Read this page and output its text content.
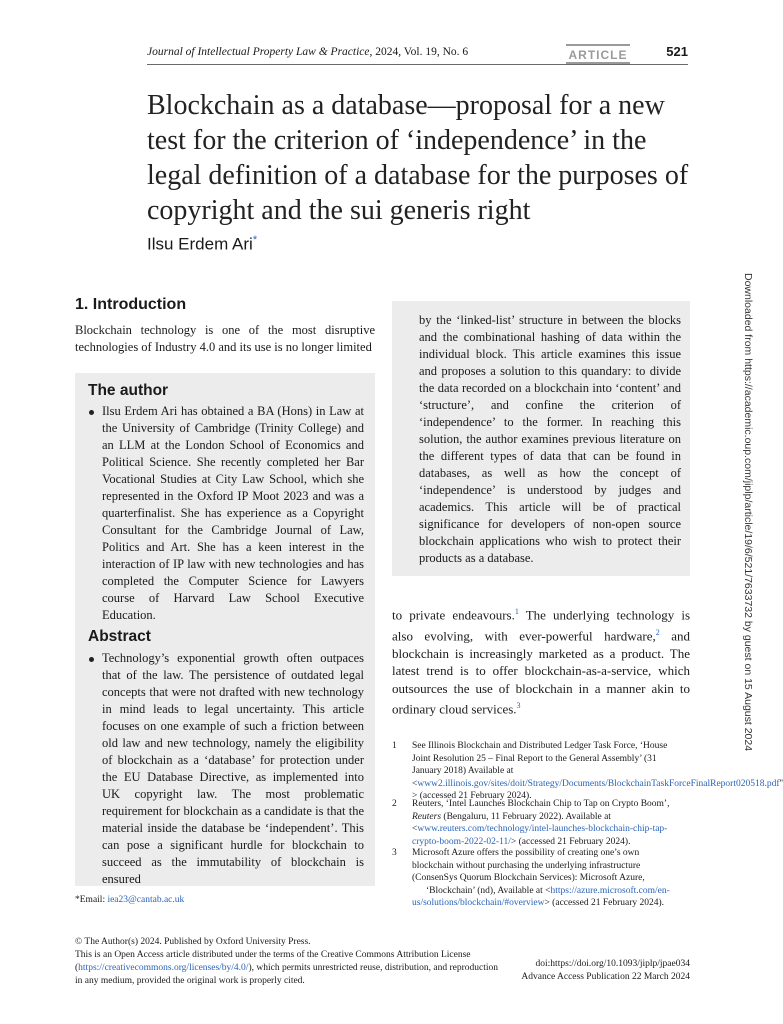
Journal of Intellectual Property Law & Practice, 2024, Vol. 19, No. 6	ARTICLE	521
Blockchain as a database—proposal for a new test for the criterion of ‘independence’ in the legal definition of a database for the purposes of copyright and the sui generis right
Ilsu Erdem Ari*
Downloaded from https://academic.oup.com/jiplp/article/19/6/521/7633732 by guest on 15 August 2024
1. Introduction
Blockchain technology is one of the most disruptive technologies of Industry 4.0 and its use is no longer limited
The author
Ilsu Erdem Ari has obtained a BA (Hons) in Law at the University of Cambridge (Trinity College) and an LLM at the London School of Economics and Political Science. She recently completed her Bar Vocational Studies at City Law School, which she represented in the Oxford IP Moot 2023 and was a quarterfinalist. She has experience as a Copyright Consultant for the Cambridge Journal of Law, Politics and Art. She has a keen interest in the interaction of IP law with new technologies and has completed the Computer Science for Lawyers course of Harvard Law School Executive Education.
Abstract
Technology’s exponential growth often outpaces that of the law. The persistence of outdated legal concepts that were not drafted with new technology in mind leads to legal uncertainty. This article focuses on one example of such a friction between old law and new technology, namely the eligibility of blockchain as a ‘database’ for protection under the EU Database Directive, as implemented into UK copyright law. The most problematic requirement for blockchain as a candidate is that the material inside the database be ‘independent’. This can pose a significant hurdle for blockchain to succeed as the immutability of blockchain is ensured
by the ‘linked-list’ structure in between the blocks and the combinational hashing of data within the individual block. This article examines this issue and proposes a solution to this quandary: to divide the data recorded on a blockchain into ‘content’ and ‘structure’, and confine the criterion of ‘independence’ to the former. In reaching this solution, the author examines previous literature on the different types of data that can be found in databases, as well as how the concept of ‘independence’ is understood by judges and academics. This article will be of practical significance for developers of non-open source blockchain applications who wish to protect their products as a database.
to private endeavours.$^1$ The underlying technology is also evolving, with ever-powerful hardware,$^2$ and blockchain is increasingly marketed as a product. The latest trend is to offer blockchain-as-a-service, which outsources the use of blockchain in a manner akin to ordinary cloud services.$^3$
1 See Illinois Blockchain and Distributed Ledger Task Force, ‘House Joint Resolution 25 – Final Report to the General Assembly’ (31 January 2018) Available at <www2.illinois.gov/sites/doit/Strategy/Documents/BlockchainTaskForceFinalReport020518.pdf'' > (accessed 21 February 2024).
2 Reuters, ‘Intel Launches Blockchain Chip to Tap on Crypto Boom’, Reuters (Bengaluru, 11 February 2022). Available at <www.reuters.com/technology/intel-launches-blockchain-chip-tap-crypto-boom-2022-02-11/> (accessed 21 February 2024).
3 Microsoft Azure offers the possibility of creating one’s own blockchain without purchasing the underlying infrastructure (ConsenSys Quorum Blockchain Services): Microsoft Azure,
‘Blockchain’ (nd), Available at <https://azure.microsoft.com/en-us/solutions/blockchain/#overview> (accessed 21 February 2024).
*Email: iea23@cantab.ac.uk
© The Author(s) 2024. Published by Oxford University Press.
This is an Open Access article distributed under the terms of the Creative Commons Attribution License (https://creativecommons.org/licenses/by/4.0/), which permits unrestricted reuse, distribution, and reproduction in any medium, provided the original work is properly cited.
doi:https://doi.org/10.1093/jiplp/jpae034
Advance Access Publication 22 March 2024
